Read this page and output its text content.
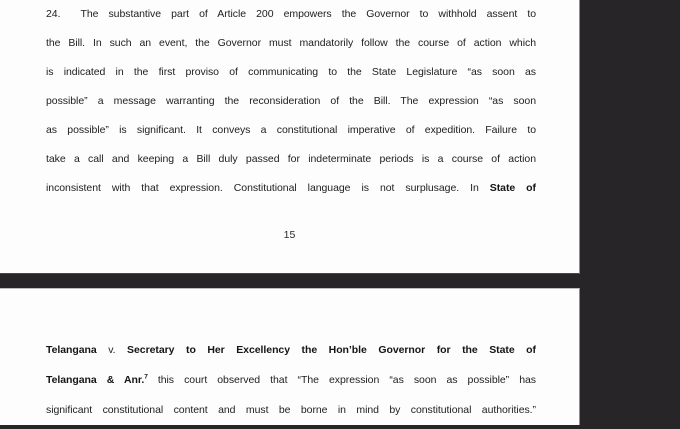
24. The substantive part of Article 200 empowers the Governor to withhold assent to
the Bill. In such an event, the Governor must mandatorily follow the course of action which
is indicated in the first proviso of communicating to the State Legislature “as soon as
possible” a message warranting the reconsideration of the Bill. The expression “as soon
as possible” is significant. It conveys a constitutional imperative of expedition. Failure to
take a call and keeping a Bill duly passed for indeterminate periods is a course of action
inconsistent with that expression. Constitutional language is not surplusage. In State of
15
Telangana v. Secretary to Her Excellency the Hon’ble Governor for the State of
Telangana & Anr.$^7$ this court observed that “The expression “as soon as possible” has
significant constitutional content and must be borne in mind by constitutional authorities.”
